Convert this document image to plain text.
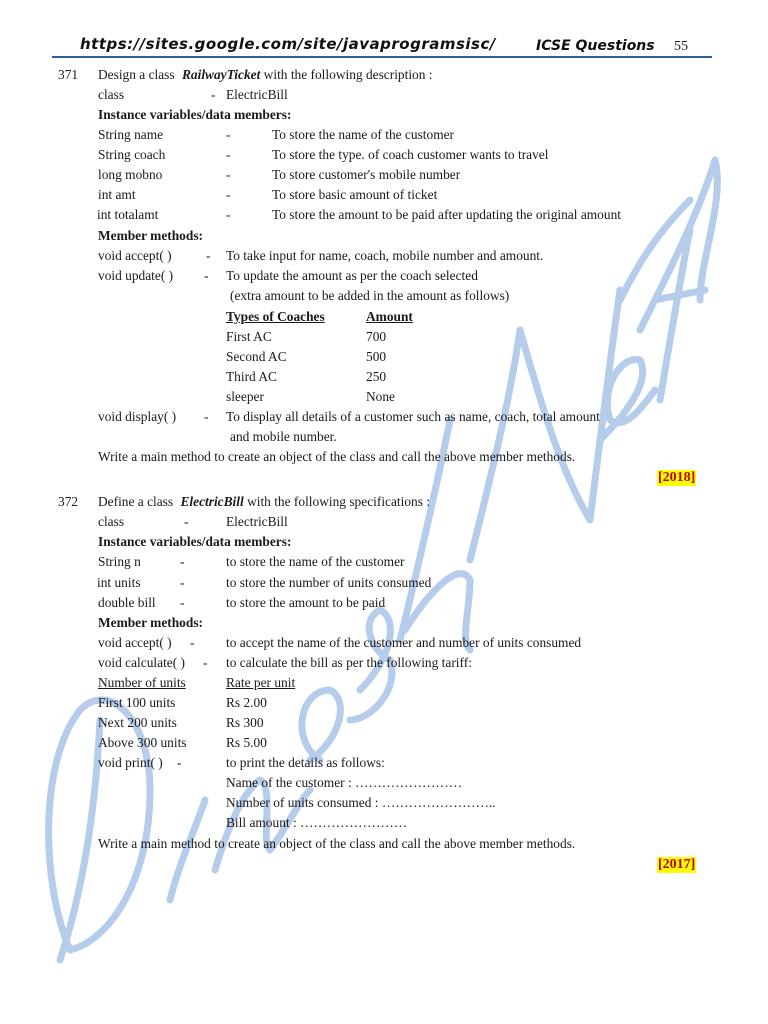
https://sites.google.com/site/javaprogramsisc/	ICSE Questions 55
371 Design a class RailwayTicket with the following description :
class	- ElectricBill
Instance variables/data members:
String name	-	To store the name of the customer
String coach	-	To store the type. of coach customer wants to travel
long mobno	-	To store customer's mobile number
int amt	-	To store basic amount of ticket
int totalamt	-	To store the amount to be paid after updating the original amount
Member methods:
void accept( )	- To take input for name, coach, mobile number and amount.
void update( ) - To update the amount as per the coach selected
(extra amount to be added in the amount as follows)
Types of Coaches	Amount
First AC	700
Second AC	500
Third AC	250
sleeper	None
void display( ) - To display all details of a customer such as name, coach, total amount
and mobile number.
Write a main method to create an object of the class and call the above member methods.
[2018]
372 Define a class ElectricBill with the following specifications :
class	-	ElectricBill
Instance variables/data members:
String n	-	to store the name of the customer
int units	-	to store the number of units consumed
double bill -	to store the amount to be paid
Member methods:
void accept( ) - to accept the name of the customer and number of units consumed
void calculate( ) - to calculate the bill as per the following tariff:
Number of units	Rate per unit
First 100 units	Rs 2.00
Next 200 units	Rs 300
Above 300 units	Rs 5.00
void print( ) -	to print the details as follows:
Name of the customer : ……………………
Number of units consumed : ……………………..
Bill amount : ……………………
Write a main method to create an object of the class and call the above member methods.
[2017]
